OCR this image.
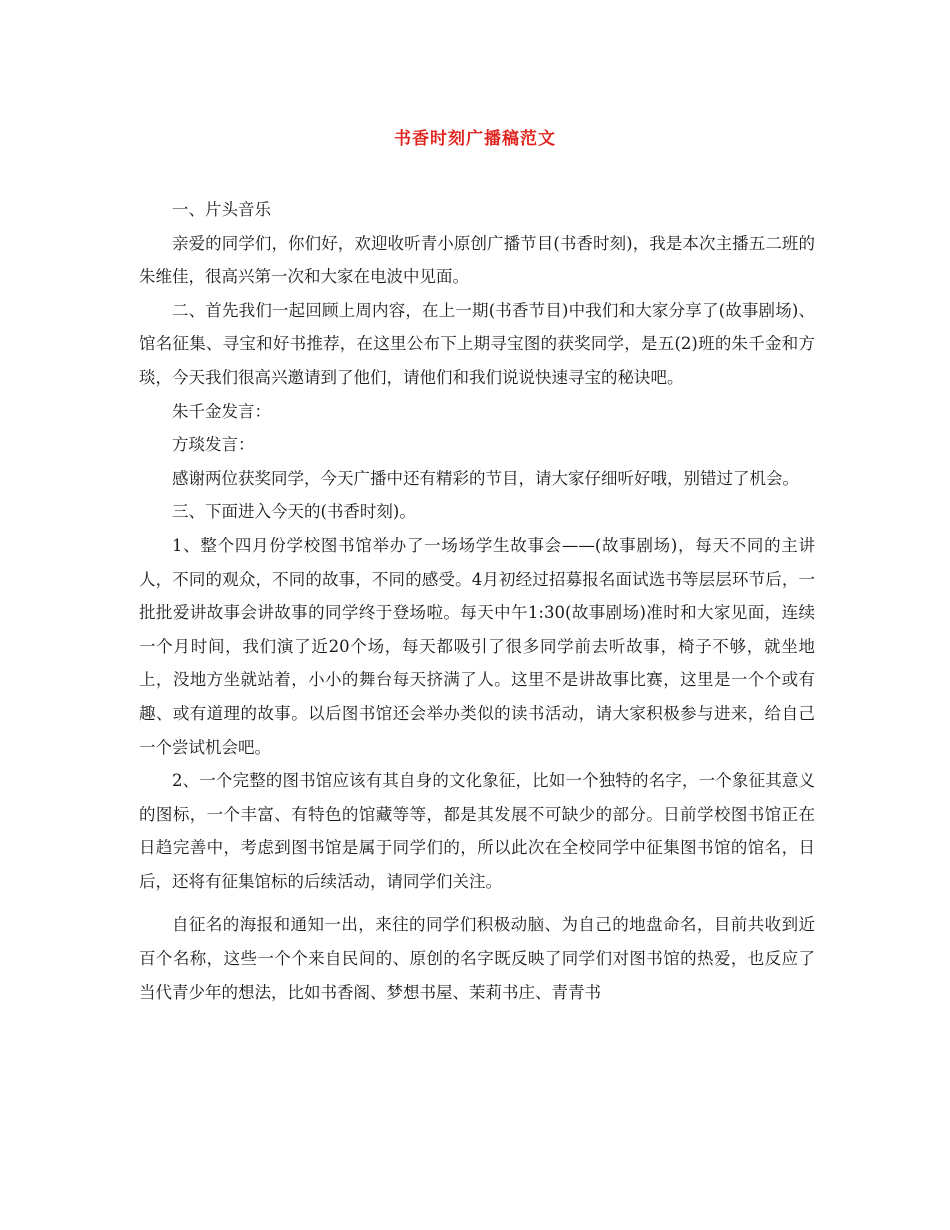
书香时刻广播稿范文

一、片头音乐

亲爱的同学们，你们好，欢迎收听青小原创广播节目(书香时刻)，我是本次主播五二班的朱维佳，很高兴第一次和大家在电波中见面。

二、首先我们一起回顾上周内容，在上一期(书香节目)中我们和大家分享了(故事剧场)、馆名征集、寻宝和好书推荐，在这里公布下上期寻宝图的获奖同学，是五(2)班的朱千金和方琰，今天我们很高兴邀请到了他们，请他们和我们说说快速寻宝的秘诀吧。

朱千金发言：

方琰发言：

感谢两位获奖同学，今天广播中还有精彩的节目，请大家仔细听好哦，别错过了机会。

三、下面进入今天的(书香时刻)。

1、整个四月份学校图书馆举办了一场场学生故事会——(故事剧场)，每天不同的主讲人，不同的观众，不同的故事，不同的感受。4月初经过招募报名面试选书等层层环节后，一批批爱讲故事会讲故事的同学终于登场啦。每天中午1:30(故事剧场)准时和大家见面，连续一个月时间，我们演了近20个场，每天都吸引了很多同学前去听故事，椅子不够，就坐地上，没地方坐就站着，小小的舞台每天挤满了人。这里不是讲故事比赛，这里是一个个或有趣、或有道理的故事。以后图书馆还会举办类似的读书活动，请大家积极参与进来，给自己一个尝试机会吧。

2、一个完整的图书馆应该有其自身的文化象征，比如一个独特的名字，一个象征其意义的图标，一个丰富、有特色的馆藏等等，都是其发展不可缺少的部分。日前学校图书馆正在日趋完善中，考虑到图书馆是属于同学们的，所以此次在全校同学中征集图书馆的馆名，日后，还将有征集馆标的后续活动，请同学们关注。

自征名的海报和通知一出，来往的同学们积极动脑、为自己的地盘命名，目前共收到近百个名称，这些一个个来自民间的、原创的名字既反映了同学们对图书馆的热爱，也反应了当代青少年的想法，比如书香阁、梦想书屋、茉莉书庄、青青书
